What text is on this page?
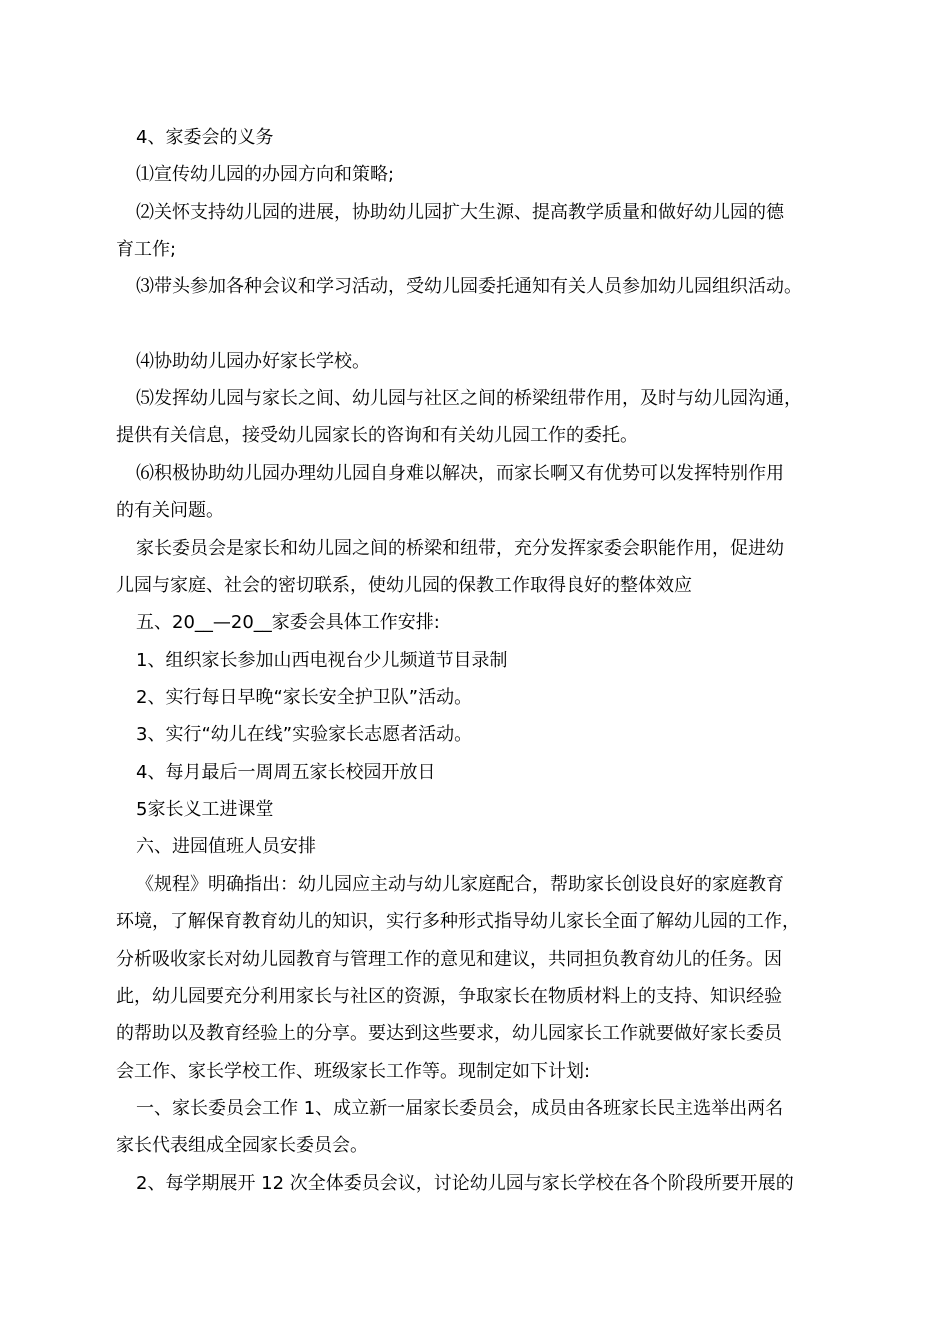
4、家委会的义务
⑴宣传幼儿园的办园方向和策略;
⑵关怀支持幼儿园的进展，协助幼儿园扩大生源、提高教学质量和做好幼儿园的德
育工作;
⑶带头参加各种会议和学习活动，受幼儿园委托通知有关人员参加幼儿园组织活动。
⑷协助幼儿园办好家长学校。
⑸发挥幼儿园与家长之间、幼儿园与社区之间的桥梁纽带作用，及时与幼儿园沟通，
提供有关信息，接受幼儿园家长的咨询和有关幼儿园工作的委托。
⑹积极协助幼儿园办理幼儿园自身难以解决，而家长啊又有优势可以发挥特别作用
的有关问题。
家长委员会是家长和幼儿园之间的桥梁和纽带，充分发挥家委会职能作用，促进幼
儿园与家庭、社会的密切联系，使幼儿园的保教工作取得良好的整体效应
五、20__—20__家委会具体工作安排:
1、组织家长参加山西电视台少儿频道节目录制
2、实行每日早晚“家长安全护卫队”活动。
3、实行“幼儿在线”实验家长志愿者活动。
4、每月最后一周周五家长校园开放日
5家长义工进课堂
六、进园值班人员安排
《规程》明确指出：幼儿园应主动与幼儿家庭配合，帮助家长创设良好的家庭教育
环境，了解保育教育幼儿的知识，实行多种形式指导幼儿家长全面了解幼儿园的工作，
分析吸收家长对幼儿园教育与管理工作的意见和建议，共同担负教育幼儿的任务。因
此，幼儿园要充分利用家长与社区的资源，争取家长在物质材料上的支持、知识经验
的帮助以及教育经验上的分享。要达到这些要求，幼儿园家长工作就要做好家长委员
会工作、家长学校工作、班级家长工作等。现制定如下计划:
一、家长委员会工作 1、成立新一届家长委员会，成员由各班家长民主选举出两名
家长代表组成全园家长委员会。
2、每学期展开 12 次全体委员会议，讨论幼儿园与家长学校在各个阶段所要开展的
